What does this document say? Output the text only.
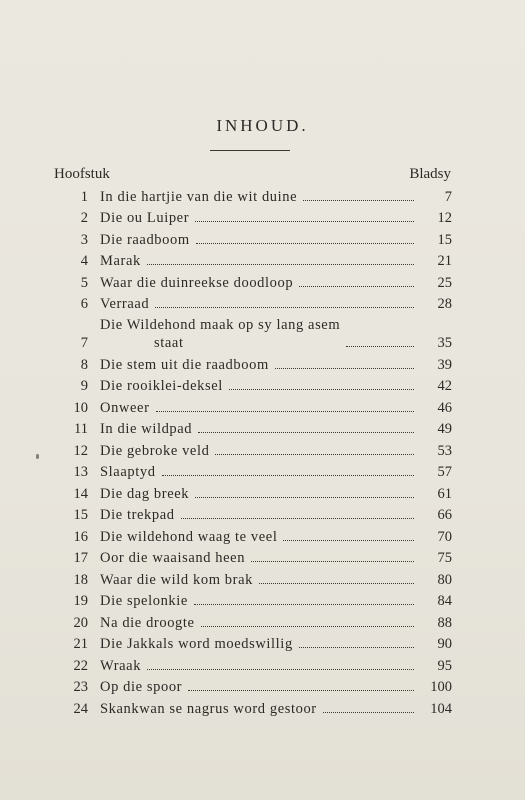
INHOUD.
Hoofstuk	Bladsy
1 In die hartjie van die wit duine	7
2 Die ou Luiper	12
3 Die raadboom	15
4 Marak	21
5 Waar die duinreekse doodloop	25
6 Verraad	28
7
Die Wildehond maak op sy lang asem
staat	35
8 Die stem uit die raadboom	39
9 Die rooiklei-deksel	42
10 Onweer	46
11 In die wildpad	49
12 Die gebroke veld	53
13 Slaaptyd	57
14 Die dag breek	61
15 Die trekpad	66
16 Die wildehond waag te veel	70
17 Oor die waaisand heen	75
18 Waar die wild kom brak	80
19 Die spelonkie	84
20 Na die droogte	88
21 Die Jakkals word moedswillig	90
22 Wraak	95
23 Op die spoor	100
24 Skankwan se nagrus word gestoor	104
